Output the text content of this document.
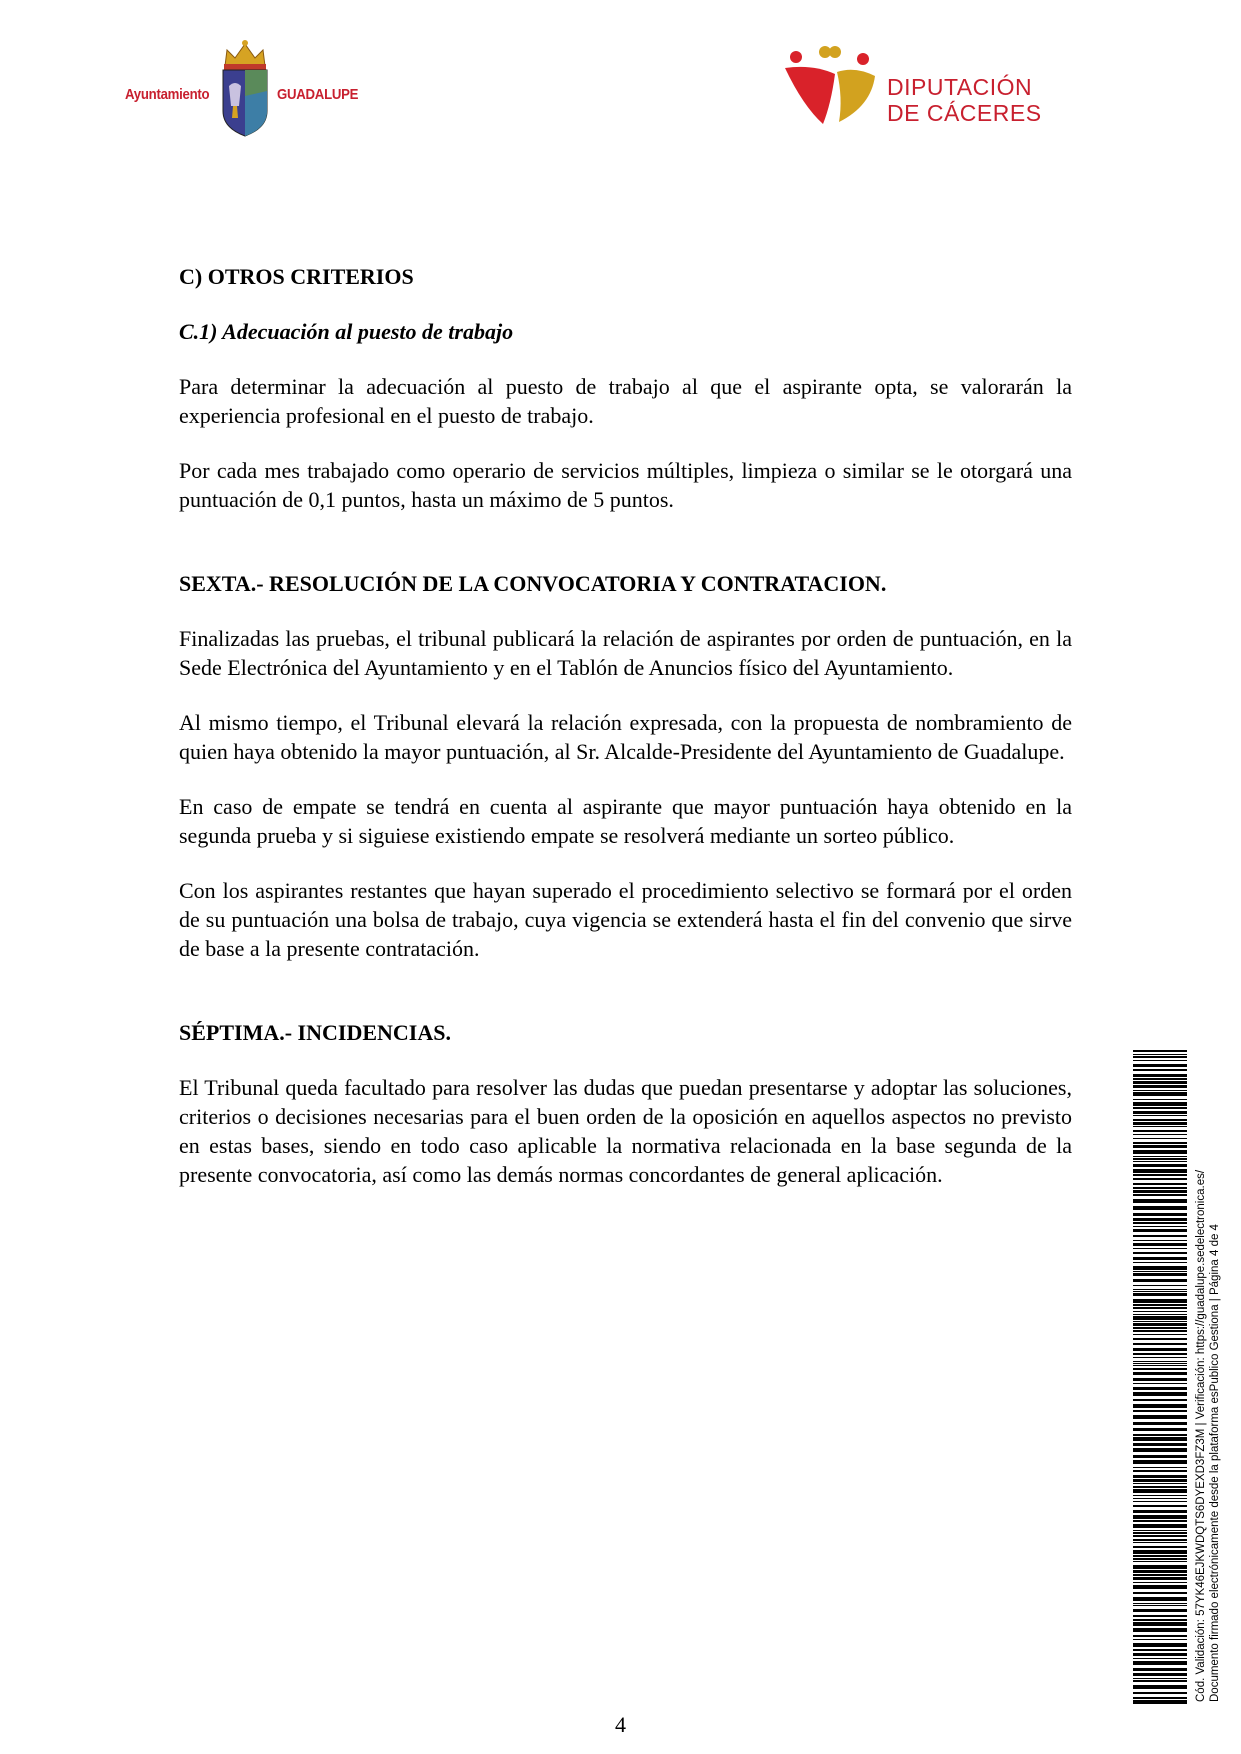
Ayuntamiento	GUADALUPE	DIPUTACIÓN
DE CÁCERES
C) OTROS CRITERIOS
C.1) Adecuación al puesto de trabajo

Para determinar la adecuación al puesto de trabajo al que el aspirante opta, se valorarán la experiencia profesional en el puesto de trabajo.

Por cada mes trabajado como operario de servicios múltiples, limpieza o similar se le otorgará una puntuación de 0,1 puntos, hasta un máximo de 5 puntos.

SEXTA.- RESOLUCIÓN DE LA CONVOCATORIA Y CONTRATACION.

Finalizadas las pruebas, el tribunal publicará la relación de aspirantes por orden de puntuación, en la Sede Electrónica del Ayuntamiento y en el Tablón de Anuncios físico del Ayuntamiento.

Al mismo tiempo, el Tribunal elevará la relación expresada, con la propuesta de nombramiento de quien haya obtenido la mayor puntuación, al Sr. Alcalde-Presidente del Ayuntamiento de Guadalupe.

En caso de empate se tendrá en cuenta al aspirante que mayor puntuación haya obtenido en la segunda prueba y si siguiese existiendo empate se resolverá mediante un sorteo público.

Con los aspirantes restantes que hayan superado el procedimiento selectivo se formará por el orden de su puntuación una bolsa de trabajo, cuya vigencia se extenderá hasta el fin del convenio que sirve de base a la presente contratación.

SÉPTIMA.- INCIDENCIAS.

El Tribunal queda facultado para resolver las dudas que puedan presentarse y adoptar las soluciones, criterios o decisiones necesarias para el buen orden de la oposición en aquellos aspectos no previsto en estas bases, siendo en todo caso aplicable la normativa relacionada en la base segunda de la presente convocatoria, así como las demás normas concordantes de general aplicación.	Cód. Validación: 57YK46EJKWDQTS6DYEXD3FZ3M | Verificación: https://guadalupe.sedelectronica.es/ Documento firmado electrónicamente desde la plataforma esPublico Gestiona | Página 4 de 4
4
